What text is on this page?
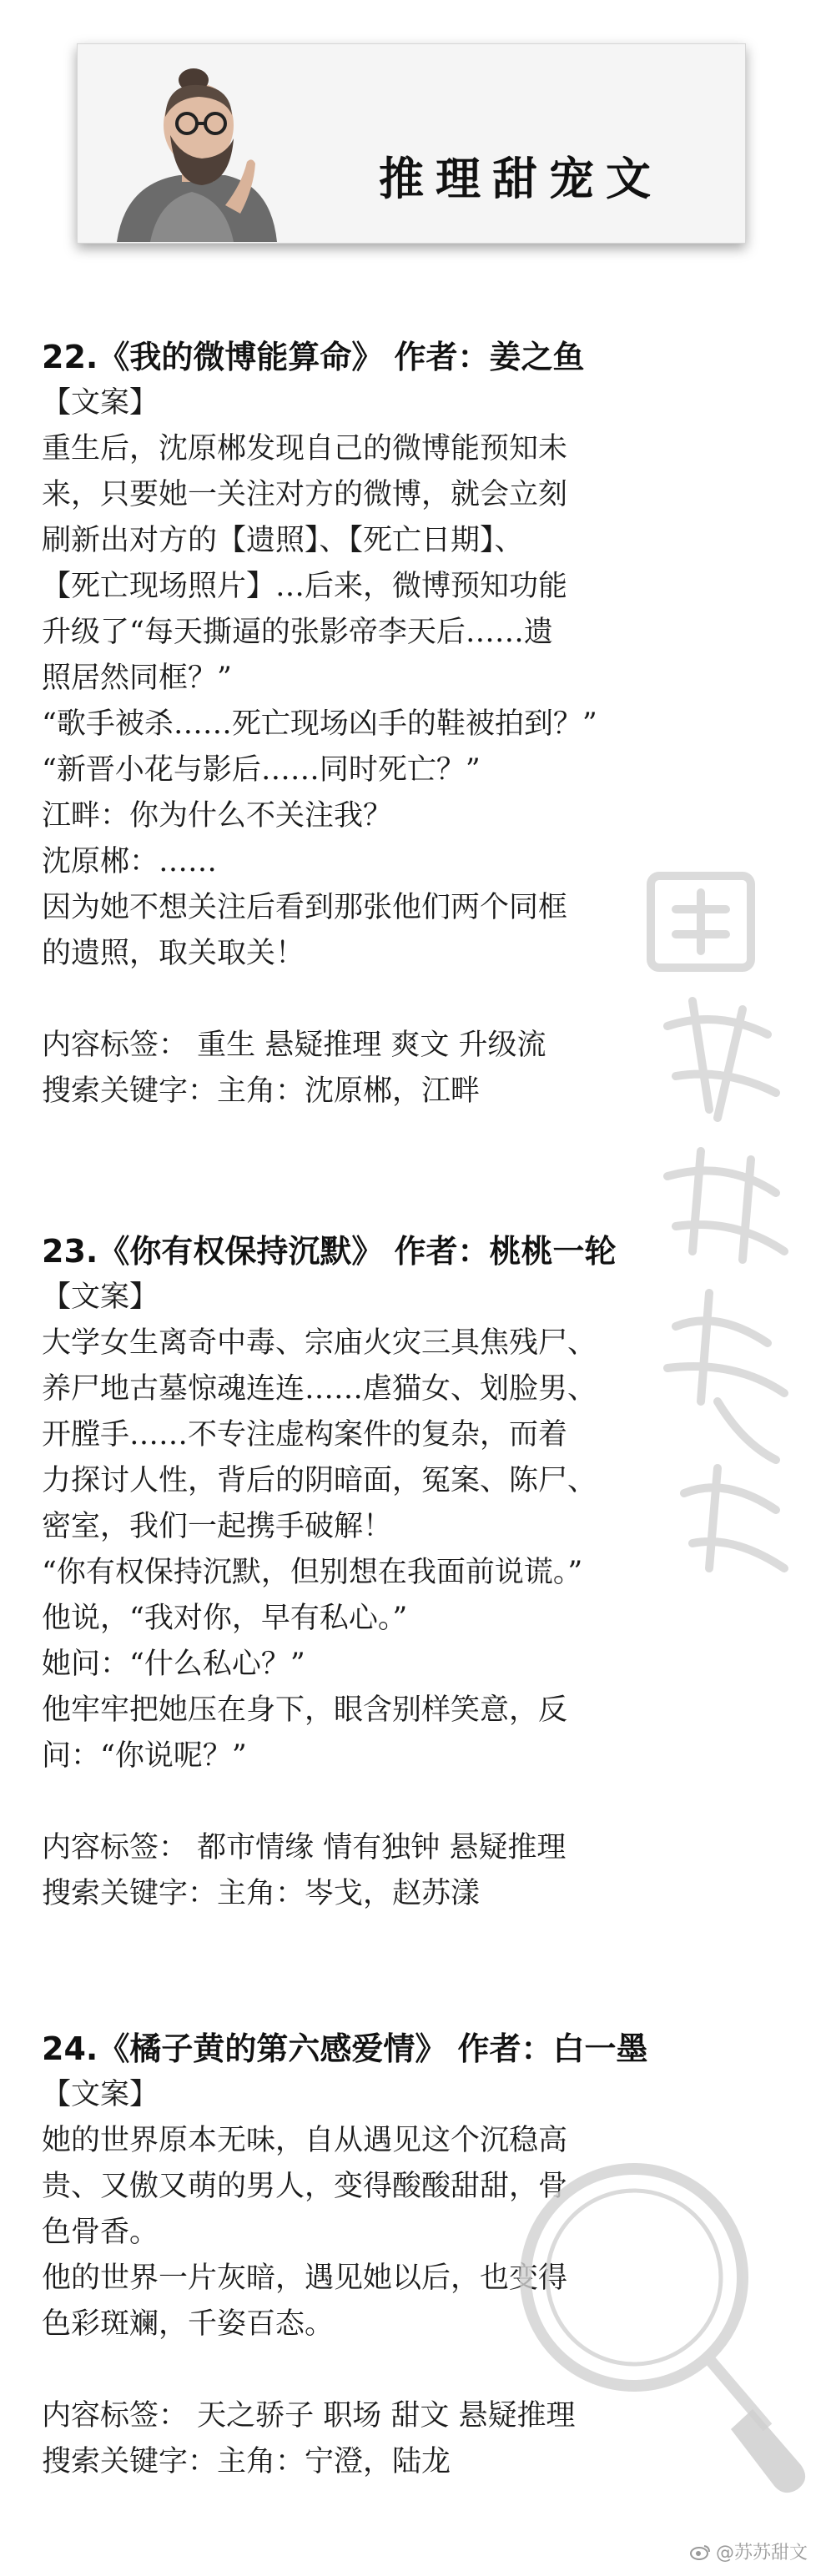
推理甜宠文
22.《我的微博能算命》 作者：姜之鱼
【文案】
重生后，沈原郴发现自己的微博能预知未
来，只要她一关注对方的微博，就会立刻
刷新出对方的【遗照】、【死亡日期】、
【死亡现场照片】…后来，微博预知功能
升级了“每天撕逼的张影帝李天后……遗
照居然同框？”
“歌手被杀……死亡现场凶手的鞋被拍到？”
“新晋小花与影后……同时死亡？”
江畔：你为什么不关注我？
沈原郴：……
因为她不想关注后看到那张他们两个同框
的遗照，取关取关！
内容标签： 重生 悬疑推理 爽文 升级流
搜索关键字：主角：沈原郴，江畔
23.《你有权保持沉默》 作者：桃桃一轮
【文案】
大学女生离奇中毒、宗庙火灾三具焦残尸、
养尸地古墓惊魂连连……虐猫女、划脸男、
开膛手……不专注虚构案件的复杂，而着
力探讨人性，背后的阴暗面，冤案、陈尸、
密室，我们一起携手破解！
“你有权保持沉默，但别想在我面前说谎。”
他说，“我对你，早有私心。”
她问：“什么私心？”
他牢牢把她压在身下，眼含别样笑意，反
问：“你说呢？”
内容标签： 都市情缘 情有独钟 悬疑推理
搜索关键字：主角：岑戈，赵苏漾
24.《橘子黄的第六感爱情》 作者：白一墨
【文案】
她的世界原本无味，自从遇见这个沉稳高
贵、又傲又萌的男人，变得酸酸甜甜，骨
色骨香。
他的世界一片灰暗，遇见她以后，也变得
色彩斑斓，千姿百态。
内容标签： 天之骄子 职场 甜文 悬疑推理
搜索关键字：主角：宁澄，陆龙
@苏苏甜文
